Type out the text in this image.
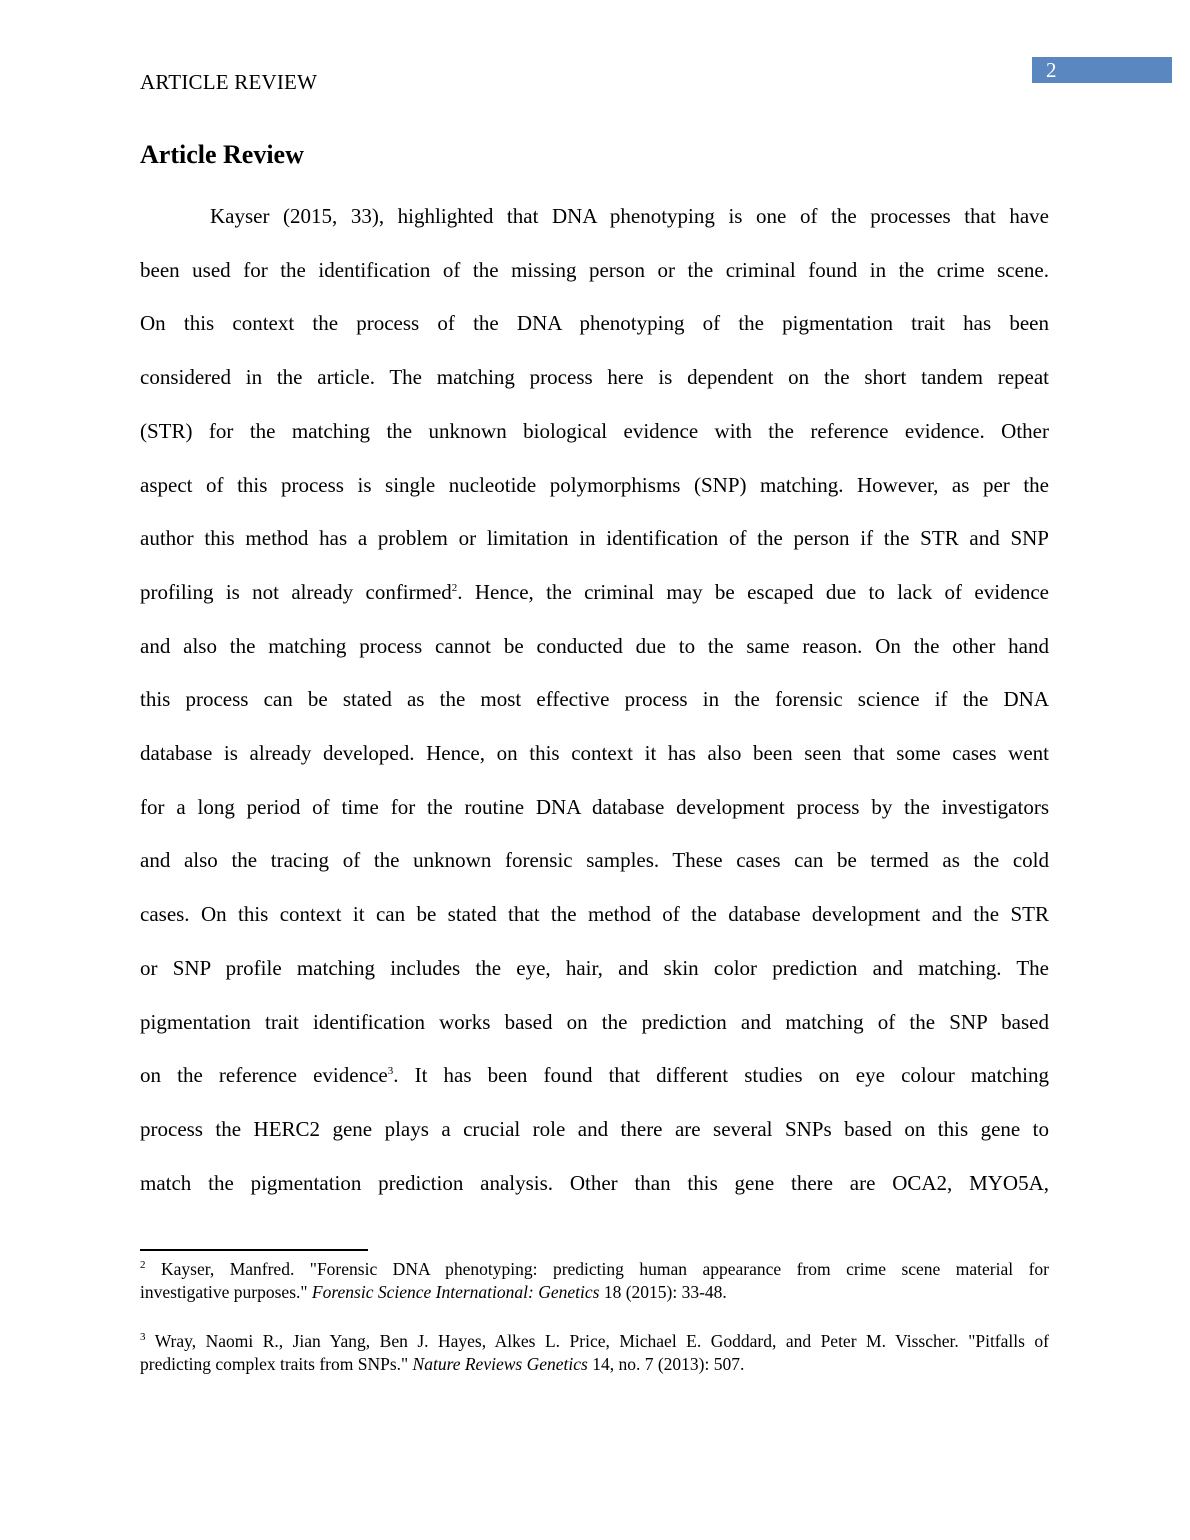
2
ARTICLE REVIEW
Article Review
Kayser (2015, 33), highlighted that DNA phenotyping is one of the processes that have
been used for the identification of the missing person or the criminal found in the crime scene.
On this context the process of the DNA phenotyping of the pigmentation trait has been
considered in the article. The matching process here is dependent on the short tandem repeat
(STR) for the matching the unknown biological evidence with the reference evidence. Other
aspect of this process is single nucleotide polymorphisms (SNP) matching. However, as per the
author this method has a problem or limitation in identification of the person if the STR and SNP
profiling is not already confirmed$^2$. Hence, the criminal may be escaped due to lack of evidence
and also the matching process cannot be conducted due to the same reason. On the other hand
this process can be stated as the most effective process in the forensic science if the DNA
database is already developed. Hence, on this context it has also been seen that some cases went
for a long period of time for the routine DNA database development process by the investigators
and also the tracing of the unknown forensic samples. These cases can be termed as the cold
cases. On this context it can be stated that the method of the database development and the STR
or SNP profile matching includes the eye, hair, and skin color prediction and matching. The
pigmentation trait identification works based on the prediction and matching of the SNP based
on the reference evidence$^3$. It has been found that different studies on eye colour matching
process the HERC2 gene plays a crucial role and there are several SNPs based on this gene to
match the pigmentation prediction analysis. Other than this gene there are OCA2, MYO5A,
$^2$ Kayser, Manfred. "Forensic DNA phenotyping: predicting human appearance from crime scene material for
investigative purposes." Forensic Science International: Genetics 18 (2015): 33-48.
$^3$ Wray, Naomi R., Jian Yang, Ben J. Hayes, Alkes L. Price, Michael E. Goddard, and Peter M. Visscher. "Pitfalls of
predicting complex traits from SNPs." Nature Reviews Genetics 14, no. 7 (2013): 507.
